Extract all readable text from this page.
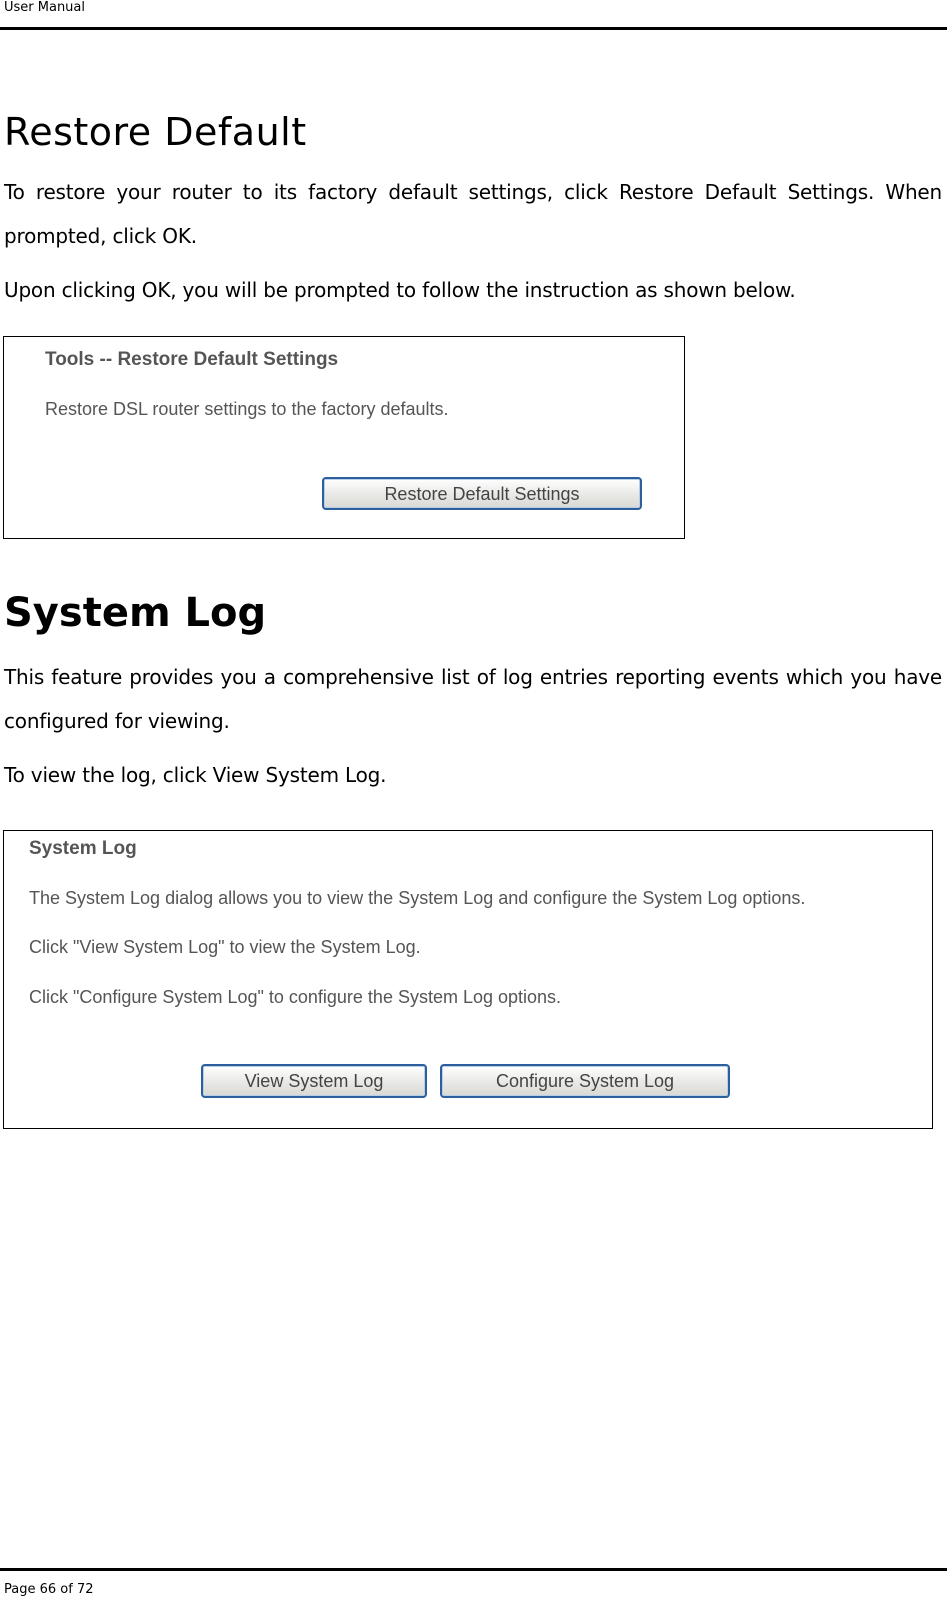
User Manual
Restore Default

To restore your router to its factory default settings, click Restore Default Settings. When prompted, click OK.

Upon clicking OK, you will be prompted to follow the instruction as shown below.

Tools -- Restore Default Settings
Restore DSL router settings to the factory defaults.
Restore Default Settings
System Log

This feature provides you a comprehensive list of log entries reporting events which you have configured for viewing.

To view the log, click View System Log.

System Log
The System Log dialog allows you to view the System Log and configure the System Log options.
Click "View System Log" to view the System Log.
Click "Configure System Log" to configure the System Log options.
View System Log	Configure System Log
Page 66 of 72
